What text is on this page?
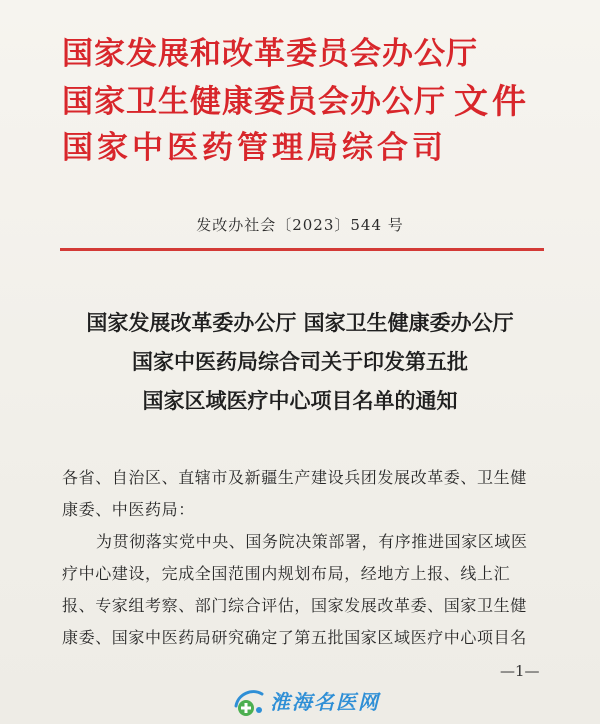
国家发展和改革委员会办公厅
国家卫生健康委员会办公厅
国家中医药管理局综合司
文件
发改办社会〔2023〕544 号
国家发展改革委办公厅 国家卫生健康委办公厅
国家中医药局综合司关于印发第五批
国家区域医疗中心项目名单的通知
各省、自治区、直辖市及新疆生产建设兵团发展改革委、卫生健
康委、中医药局：
为贯彻落实党中央、国务院决策部署，有序推进国家区域医
疗中心建设，完成全国范围内规划布局，经地方上报、线上汇
报、专家组考察、部门综合评估，国家发展改革委、国家卫生健
康委、国家中医药局研究确定了第五批国家区域医疗中心项目名
—1—
淮海名医网
